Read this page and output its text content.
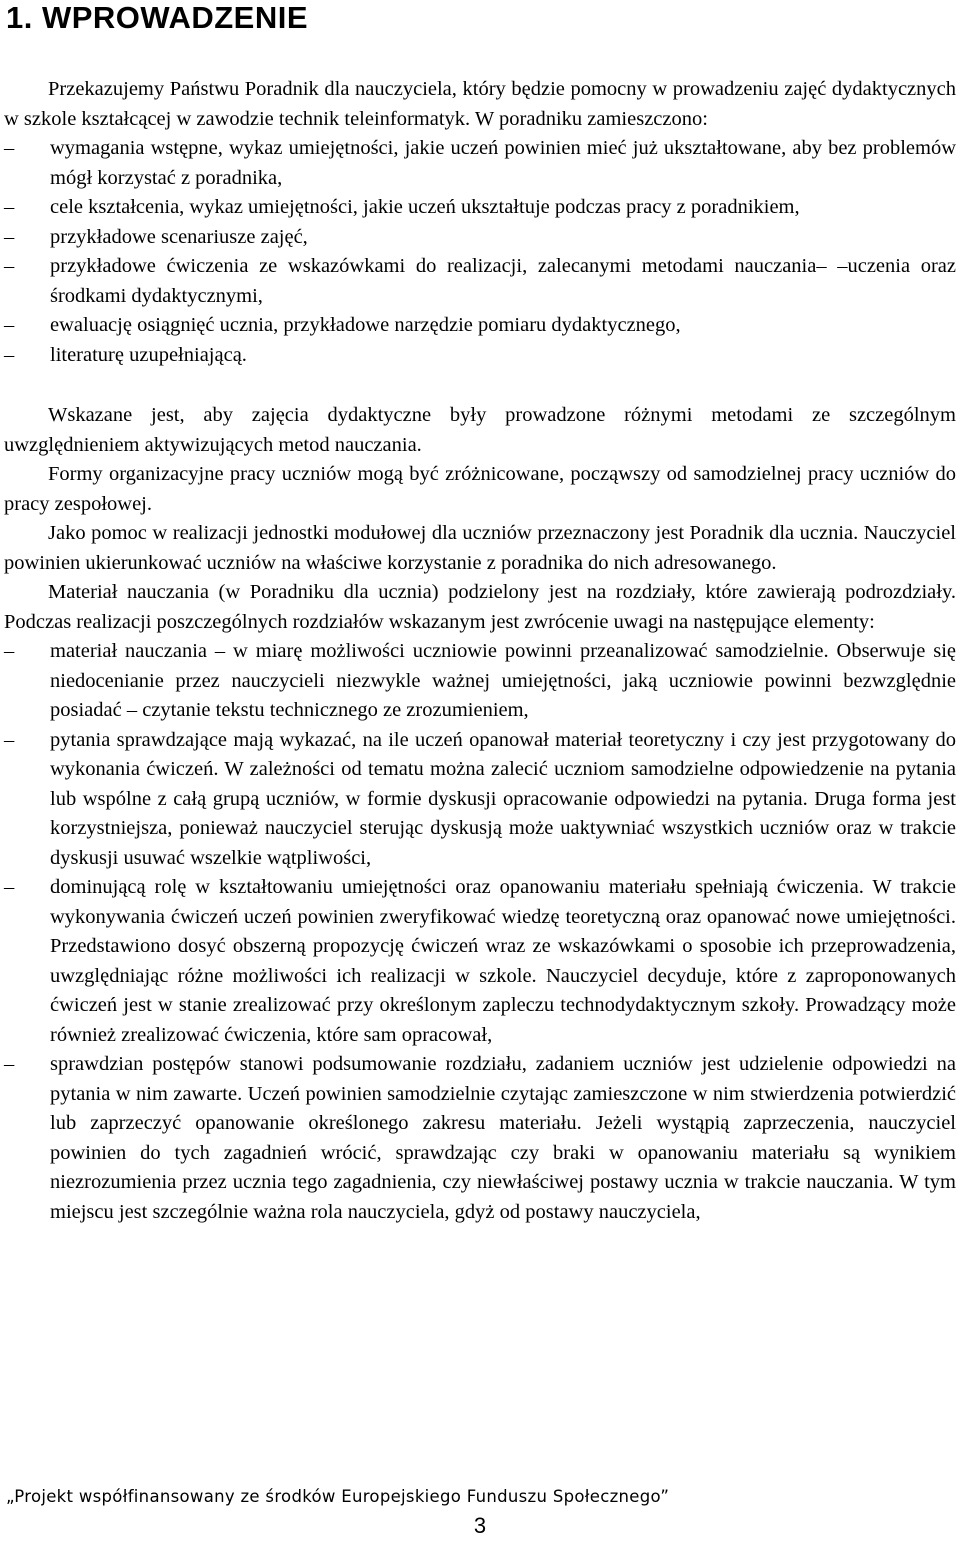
1. WPROWADZENIE

Przekazujemy Państwu Poradnik dla nauczyciela, który będzie pomocny w prowadzeniu zajęć dydaktycznych w szkole kształcącej w zawodzie technik teleinformatyk. W poradniku zamieszczono:

–	wymagania wstępne, wykaz umiejętności, jakie uczeń powinien mieć już ukształtowane, aby bez problemów mógł korzystać z poradnika,
–	cele kształcenia, wykaz umiejętności, jakie uczeń ukształtuje podczas pracy z poradnikiem,
–	przykładowe scenariusze zajęć,
–	przykładowe ćwiczenia ze wskazówkami do realizacji, zalecanymi metodami nauczania– –uczenia oraz środkami dydaktycznymi,
–	ewaluację osiągnięć ucznia, przykładowe narzędzie pomiaru dydaktycznego,
–	literaturę uzupełniającą.

Wskazane jest, aby zajęcia dydaktyczne były prowadzone różnymi metodami ze szczególnym uwzględnieniem aktywizujących metod nauczania.

Formy organizacyjne pracy uczniów mogą być zróżnicowane, począwszy od samodzielnej pracy uczniów do pracy zespołowej.

Jako pomoc w realizacji jednostki modułowej dla uczniów przeznaczony jest Poradnik dla ucznia. Nauczyciel powinien ukierunkować uczniów na właściwe korzystanie z poradnika do nich adresowanego.

Materiał nauczania (w Poradniku dla ucznia) podzielony jest na rozdziały, które zawierają podrozdziały. Podczas realizacji poszczególnych rozdziałów wskazanym jest zwrócenie uwagi na następujące elementy:

–	materiał nauczania – w miarę możliwości uczniowie powinni przeanalizować samodzielnie. Obserwuje się niedocenianie przez nauczycieli niezwykle ważnej umiejętności, jaką uczniowie powinni bezwzględnie posiadać – czytanie tekstu technicznego ze zrozumieniem,
–	pytania sprawdzające mają wykazać, na ile uczeń opanował materiał teoretyczny i czy jest przygotowany do wykonania ćwiczeń. W zależności od tematu można zalecić uczniom samodzielne odpowiedzenie na pytania lub wspólne z całą grupą uczniów, w formie dyskusji opracowanie odpowiedzi na pytania. Druga forma jest korzystniejsza, ponieważ nauczyciel sterując dyskusją może uaktywniać wszystkich uczniów oraz w trakcie dyskusji usuwać wszelkie wątpliwości,
–	dominującą rolę w kształtowaniu umiejętności oraz opanowaniu materiału spełniają ćwiczenia. W trakcie wykonywania ćwiczeń uczeń powinien zweryfikować wiedzę teoretyczną oraz opanować nowe umiejętności. Przedstawiono dosyć obszerną propozycję ćwiczeń wraz ze wskazówkami o sposobie ich przeprowadzenia, uwzględniając różne możliwości ich realizacji w szkole. Nauczyciel decyduje, które z zaproponowanych ćwiczeń jest w stanie zrealizować przy określonym zapleczu technodydaktycznym szkoły. Prowadzący może również zrealizować ćwiczenia, które sam opracował,
–	sprawdzian postępów stanowi podsumowanie rozdziału, zadaniem uczniów jest udzielenie odpowiedzi na pytania w nim zawarte. Uczeń powinien samodzielnie czytając zamieszczone w nim stwierdzenia potwierdzić lub zaprzeczyć opanowanie określonego zakresu materiału. Jeżeli wystąpią zaprzeczenia, nauczyciel powinien do tych zagadnień wrócić, sprawdzając czy braki w opanowaniu materiału są wynikiem niezrozumienia przez ucznia tego zagadnienia, czy niewłaściwej postawy ucznia w trakcie nauczania. W tym miejscu jest szczególnie ważna rola nauczyciela, gdyż od postawy nauczyciela,
„Projekt współfinansowany ze środków Europejskiego Funduszu Społecznego”
3
